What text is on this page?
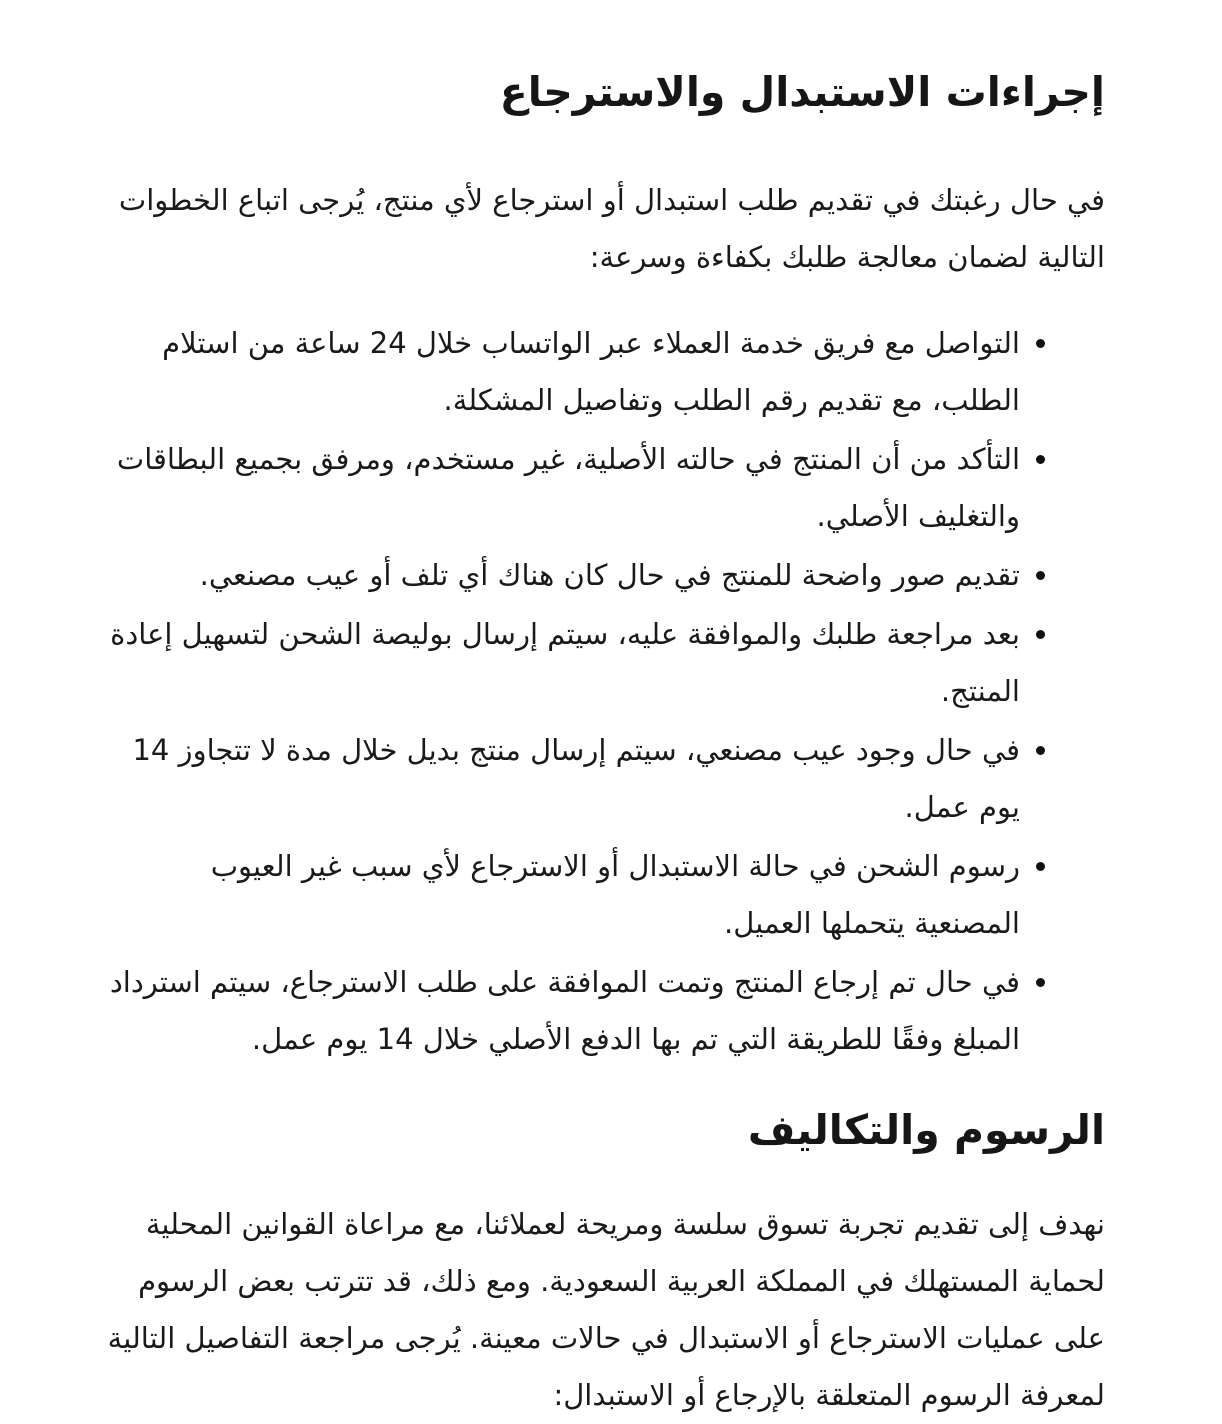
إجراءات الاستبدال والاسترجاع

في حال رغبتك في تقديم طلب استبدال أو استرجاع لأي منتج، يُرجى اتباع الخطوات التالية لضمان معالجة طلبك بكفاءة وسرعة:

• التواصل مع فريق خدمة العملاء عبر الواتساب خلال 24 ساعة من استلام الطلب، مع تقديم رقم الطلب وتفاصيل المشكلة.
• التأكد من أن المنتج في حالته الأصلية، غير مستخدم، ومرفق بجميع البطاقات والتغليف الأصلي.
• تقديم صور واضحة للمنتج في حال كان هناك أي تلف أو عيب مصنعي.
• بعد مراجعة طلبك والموافقة عليه، سيتم إرسال بوليصة الشحن لتسهيل إعادة المنتج.
• في حال وجود عيب مصنعي، سيتم إرسال منتج بديل خلال مدة لا تتجاوز 14 يوم عمل.
• رسوم الشحن في حالة الاستبدال أو الاسترجاع لأي سبب غير العيوب المصنعية يتحملها العميل.
• في حال تم إرجاع المنتج وتمت الموافقة على طلب الاسترجاع، سيتم استرداد المبلغ وفقًا للطريقة التي تم بها الدفع الأصلي خلال 14 يوم عمل.
الرسوم والتكاليف

نهدف إلى تقديم تجربة تسوق سلسة ومريحة لعملائنا، مع مراعاة القوانين المحلية لحماية المستهلك في المملكة العربية السعودية. ومع ذلك، قد تترتب بعض الرسوم على عمليات الاسترجاع أو الاستبدال في حالات معينة. يُرجى مراجعة التفاصيل التالية لمعرفة الرسوم المتعلقة بالإرجاع أو الاستبدال:
